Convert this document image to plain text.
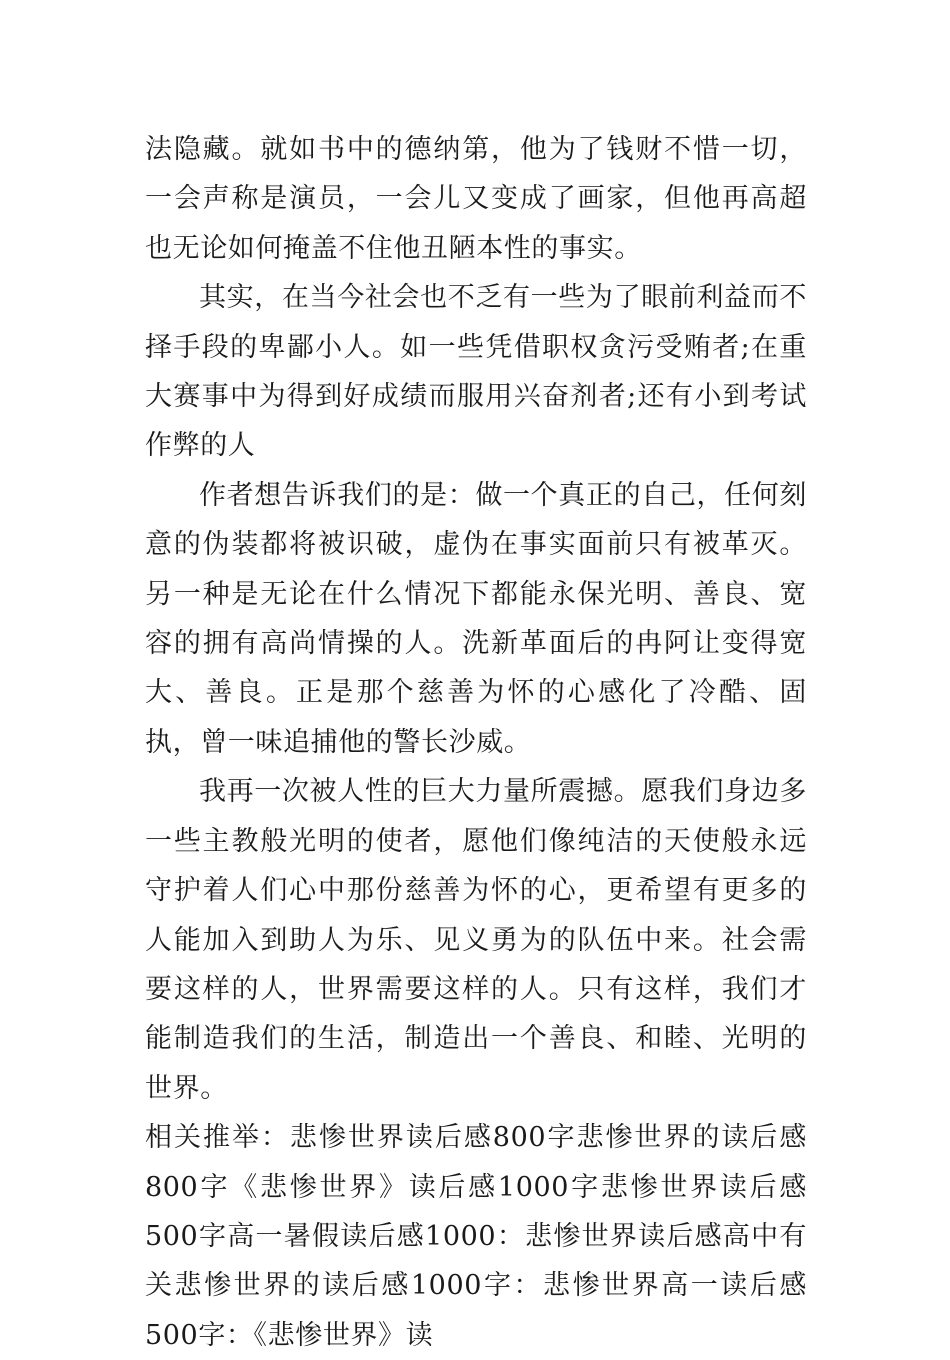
法隐藏。就如书中的德纳第，他为了钱财不惜一切，一会声称是演员，一会儿又变成了画家，但他再高超也无论如何掩盖不住他丑陋本性的事实。

其实，在当今社会也不乏有一些为了眼前利益而不择手段的卑鄙小人。如一些凭借职权贪污受贿者;在重大赛事中为得到好成绩而服用兴奋剂者;还有小到考试作弊的人

作者想告诉我们的是：做一个真正的自己，任何刻意的伪装都将被识破，虚伪在事实面前只有被革灭。另一种是无论在什么情况下都能永保光明、善良、宽容的拥有高尚情操的人。洗新革面后的冉阿让变得宽大、善良。正是那个慈善为怀的心感化了冷酷、固执，曾一味追捕他的警长沙威。

我再一次被人性的巨大力量所震撼。愿我们身边多一些主教般光明的使者，愿他们像纯洁的天使般永远守护着人们心中那份慈善为怀的心，更希望有更多的人能加入到助人为乐、见义勇为的队伍中来。社会需要这样的人，世界需要这样的人。只有这样，我们才能制造我们的生活，制造出一个善良、和睦、光明的世界。

相关推举：悲惨世界读后感800字悲惨世界的读后感800字《悲惨世界》读后感1000字悲惨世界读后感500字高一暑假读后感1000：悲惨世界读后感高中有关悲惨世界的读后感1000字：悲惨世界高一读后感500字：《悲惨世界》读
